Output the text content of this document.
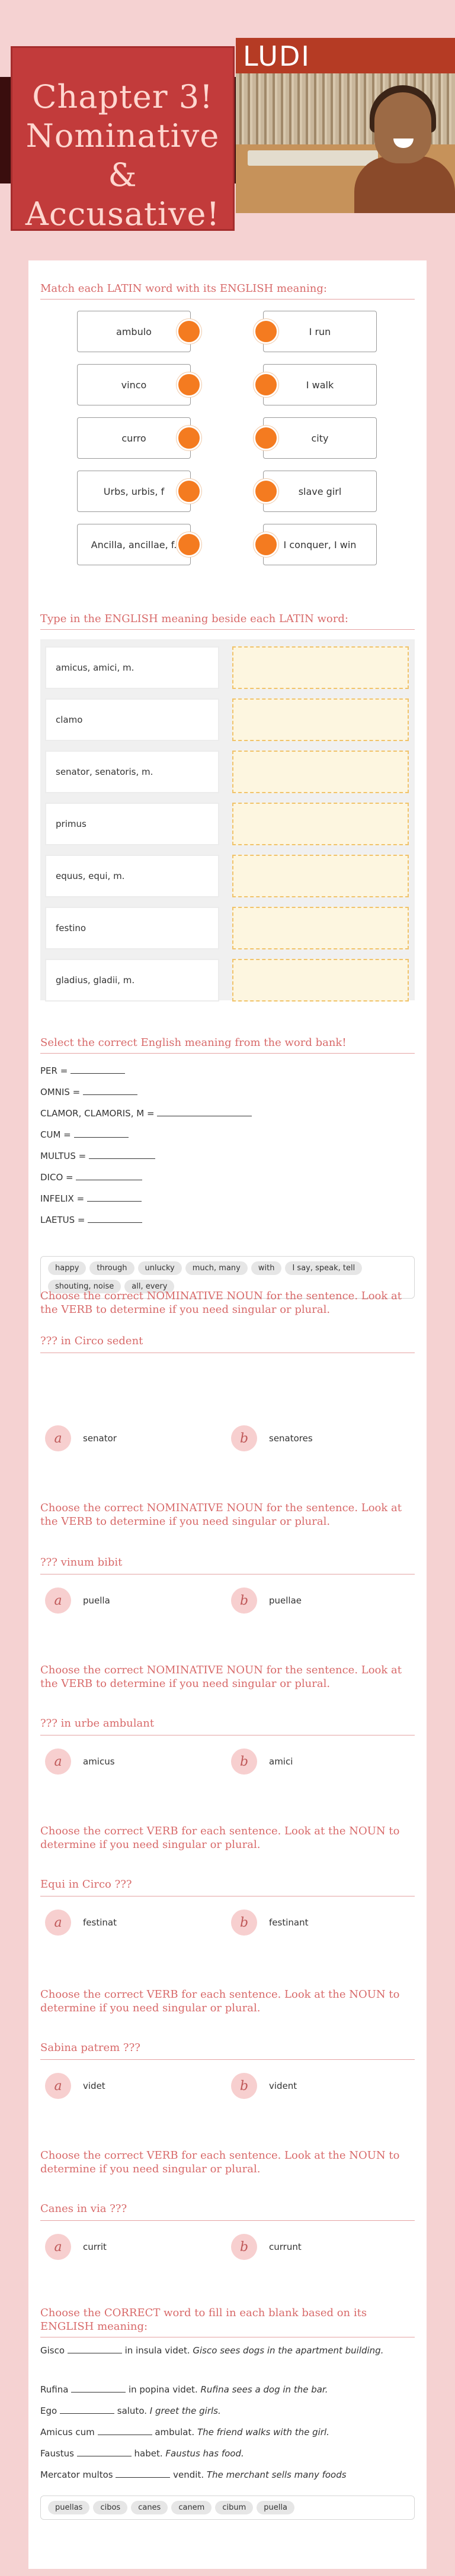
LUDI
Chapter 3!
Nominative
& Accusative!
Match each LATIN word with its ENGLISH meaning:
ambulo
vinco
curro
Urbs, urbis, f
Ancilla, ancillae, f.
I run
I walk
city
slave girl
I conquer, I win
Type in the ENGLISH meaning beside each LATIN word:
amicus, amici, m.
clamo
senator, senatoris, m.
primus
equus, equi, m.
festino
gladius, gladii, m.
Select the correct English meaning from the word bank!
PER =
OMNIS =
CLAMOR, CLAMORIS, M =
CUM =
MULTUS =
DICO =
INFELIX =
LAETUS =
happy	through	unlucky	much, many	with	I say, speak, tell
shouting, noise	all, every
Choose the correct NOMINATIVE NOUN for the sentence. Look at the VERB to determine if you need singular or plural.
??? in Circo sedent
a	senator	b	senatores
Choose the correct NOMINATIVE NOUN for the sentence. Look at the VERB to determine if you need singular or plural.
??? vinum bibit
a	puella	b	puellae
Choose the correct NOMINATIVE NOUN for the sentence. Look at the VERB to determine if you need singular or plural.
??? in urbe ambulant
a	amicus	b	amici
Choose the correct VERB for each sentence. Look at the NOUN to determine if you need singular or plural.
Equi in Circo ???
a	festinat	b	festinant
Choose the correct VERB for each sentence. Look at the NOUN to determine if you need singular or plural.
Sabina patrem ???
a	videt	b	vident
Choose the correct VERB for each sentence. Look at the NOUN to determine if you need singular or plural.
Canes in via ???
a	currit	b	currunt
Choose the CORRECT word to fill in each blank based on its ENGLISH meaning:
Gisco	in insula videt. Gisco sees dogs in the apartment building.
Rufina	in popina videt. Rufina sees a dog in the bar.
Ego	saluto. I greet the girls.
Amicus cum	ambulat. The friend walks with the girl.
Faustus	habet. Faustus has food.
Mercator multos	vendit. The merchant sells many foods
puellas	cibos	canes	canem	cibum	puella
